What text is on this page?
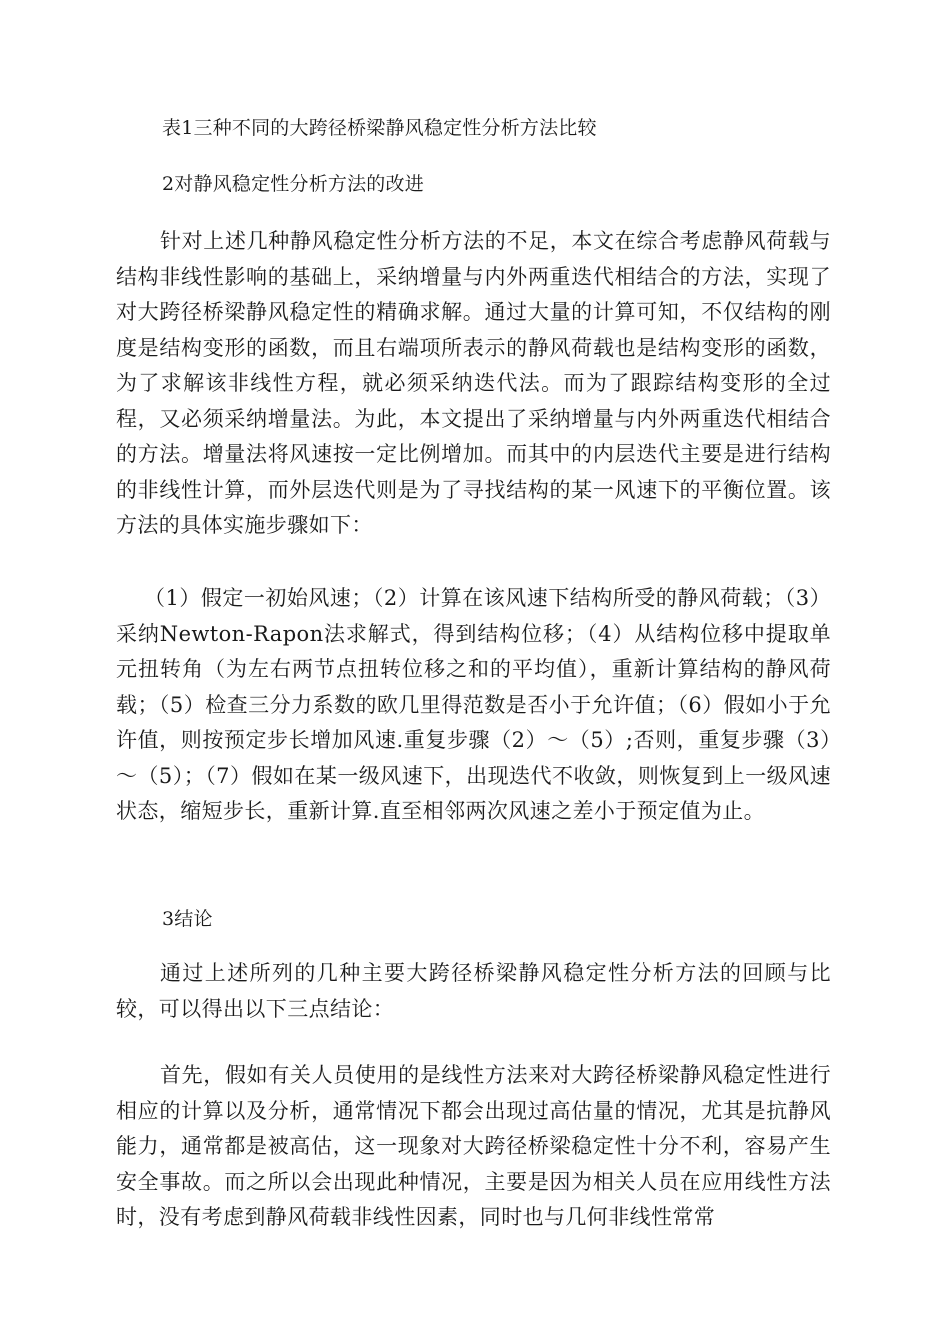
表1三种不同的大跨径桥梁静风稳定性分析方法比较
2对静风稳定性分析方法的改进

针对上述几种静风稳定性分析方法的不足，本文在综合考虑静风荷载与结构非线性影响的基础上，采纳增量与内外两重迭代相结合的方法，实现了对大跨径桥梁静风稳定性的精确求解。通过大量的计算可知，不仅结构的刚度是结构变形的函数，而且右端项所表示的静风荷载也是结构变形的函数，为了求解该非线性方程，就必须采纳迭代法。而为了跟踪结构变形的全过程，又必须采纳增量法。为此，本文提出了采纳增量与内外两重迭代相结合的方法。增量法将风速按一定比例增加。而其中的内层迭代主要是进行结构的非线性计算，而外层迭代则是为了寻找结构的某一风速下的平衡位置。该方法的具体实施步骤如下：

（1）假定一初始风速；（2）计算在该风速下结构所受的静风荷载；（3）采纳Newton-Rapon法求解式，得到结构位移；（4）从结构位移中提取单元扭转角（为左右两节点扭转位移之和的平均值），重新计算结构的静风荷载；（5）检查三分力系数的欧几里得范数是否小于允许值；（6）假如小于允许值，则按预定步长增加风速.重复步骤（2）～（5）;否则，重复步骤（3）～（5）；（7）假如在某一级风速下，出现迭代不收敛，则恢复到上一级风速状态，缩短步长，重新计算.直至相邻两次风速之差小于预定值为止。

3结论

通过上述所列的几种主要大跨径桥梁静风稳定性分析方法的回顾与比较，可以得出以下三点结论：

首先，假如有关人员使用的是线性方法来对大跨径桥梁静风稳定性进行相应的计算以及分析，通常情况下都会出现过高估量的情况，尤其是抗静风能力，通常都是被高估，这一现象对大跨径桥梁稳定性十分不利，容易产生安全事故。而之所以会出现此种情况，主要是因为相关人员在应用线性方法时，没有考虑到静风荷载非线性因素，同时也与几何非线性常常
